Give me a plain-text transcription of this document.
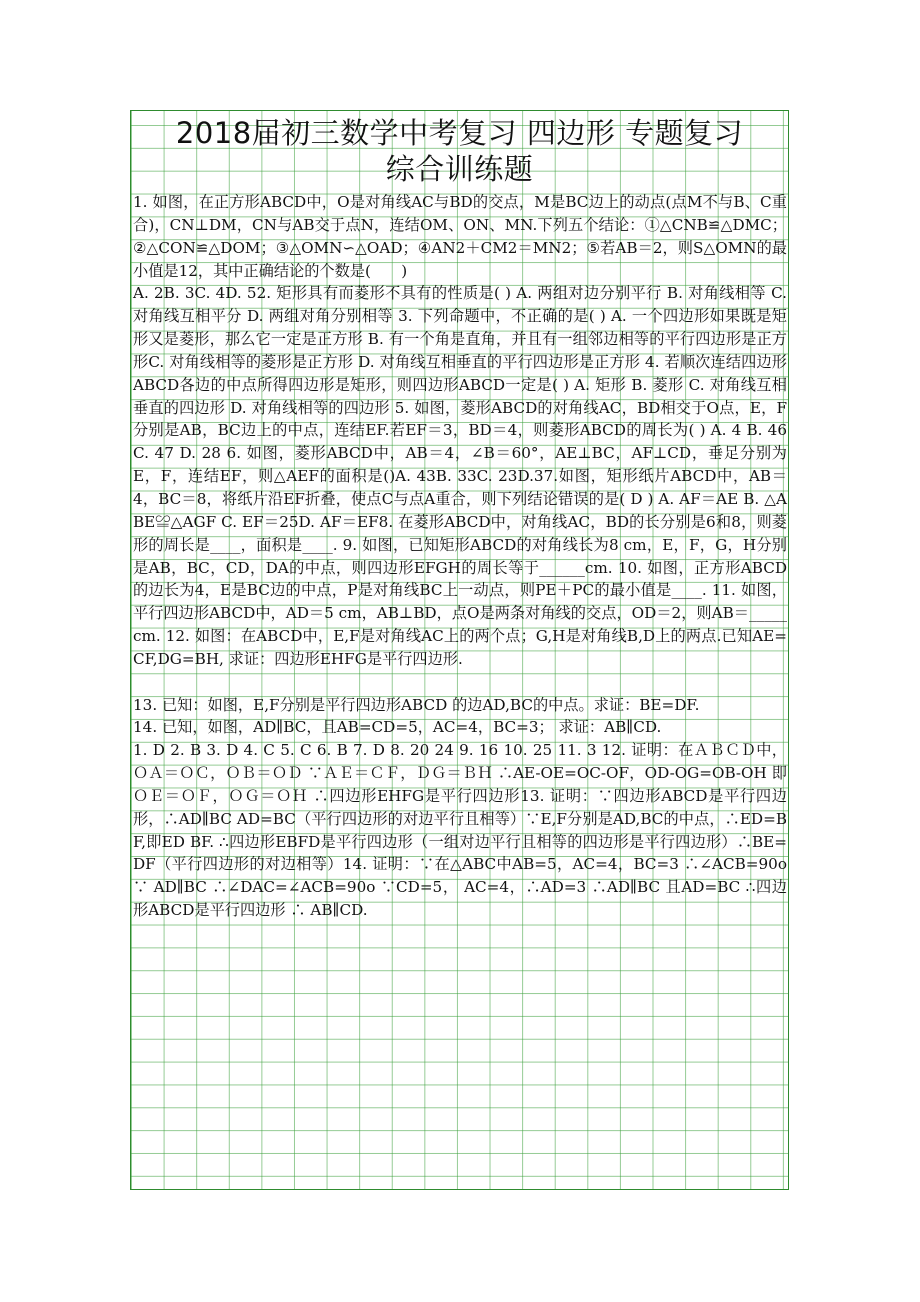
2018届初三数学中考复习 四边形 专题复习
综合训练题

1. 如图，在正方形ABCD中，O是对角线AC与BD的交点，M是BC边上的动点(点M不与B、C重合)，CN⊥DM，CN与AB交于点N，连结OM、ON、MN.下列五个结论：①△CNB≌△DMC；②△CON≌△DOM；③△OMN∽△OAD；④AN2＋CM2＝MN2；⑤若AB＝2，则S△OMN的最小值是12，其中正确结论的个数是(　　)

A. 2B. 3C. 4D. 52. 矩形具有而菱形不具有的性质是( ) A. 两组对边分别平行 B. 对角线相等 C. 对角线互相平分 D. 两组对角分别相等 3. 下列命题中，不正确的是( ) A. 一个四边形如果既是矩形又是菱形，那么它一定是正方形 B. 有一个角是直角，并且有一组邻边相等的平行四边形是正方形C. 对角线相等的菱形是正方形 D. 对角线互相垂直的平行四边形是正方形 4. 若顺次连结四边形ABCD各边的中点所得四边形是矩形，则四边形ABCD一定是( ) A. 矩形 B. 菱形 C. 对角线互相垂直的四边形 D. 对角线相等的四边形 5. 如图，菱形ABCD的对角线AC，BD相交于O点，E，F分别是AB，BC边上的中点，连结EF.若EF＝3，BD＝4，则菱形ABCD的周长为( ) A. 4 B. 46 C. 47 D. 28 6. 如图，菱形ABCD中，AB＝4，∠B＝60°，AE⊥BC，AF⊥CD，垂足分别为E，F，连结EF，则△AEF的面积是()A. 43B. 33C. 23D.37.如图，矩形纸片ABCD中，AB＝4，BC＝8，将纸片沿EF折叠，使点C与点A重合，则下列结论错误的是( D ) A. AF＝AE B. △ABE≌△AGF C. EF＝25D. AF＝EF8. 在菱形ABCD中，对角线AC，BD的长分别是6和8，则菱形的周长是____，面积是____. 9. 如图，已知矩形ABCD的对角线长为8 cm，E，F，G，H分别是AB，BC，CD，DA的中点，则四边形EFGH的周长等于______cm. 10. 如图，正方形ABCD的边长为4，E是BC边的中点，P是对角线BC上一动点，则PE＋PC的最小值是____. 11. 如图，平行四边形ABCD中，AD＝5 cm，AB⊥BD，点O是两条对角线的交点，OD＝2，则AB＝_____cm. 12. 如图：在ABCD中，E,F是对角线AC上的两个点；G,H是对角线B,D上的两点.已知AE=CF,DG=BH, 求证：四边形EHFG是平行四边形.

13. 已知：如图，E,F分别是平行四边形ABCD 的边AD,BC的中点。求证：BE=DF.

14. 已知，如图，AD∥BC，且AB=CD=5，AC=4，BC=3； 求证：AB∥CD.

1. D 2. B 3. D 4. C 5. C 6. B 7. D 8. 20 24 9. 16 10. 25 11. 3 12. 证明：在ＡＢＣＤ中，ＯＡ＝ＯＣ，ＯＢ＝ＯＤ ∵ＡＥ＝ＣＦ，ＤＧ＝ＢＨ ∴AE-OE=OC-OF，OD-OG=OB-OH 即ＯＥ＝ＯＦ，ＯＧ＝ＯＨ ∴四边形EHFG是平行四边形13. 证明：∵四边形ABCD是平行四边形，∴AD∥BC AD=BC（平行四边形的对边平行且相等）∵E,F分别是AD,BC的中点，∴ED=BF,即ED BF. ∴四边形EBFD是平行四边形（一组对边平行且相等的四边形是平行四边形）∴BE=DF（平行四边形的对边相等）14. 证明：∵在△ABC中AB=5，AC=4，BC=3 ∴∠ACB=90o ∵ AD∥BC ∴∠DAC=∠ACB=90o ∵CD=5， AC=4，∴AD=3 ∴AD∥BC 且AD=BC ∴四边形ABCD是平行四边形 ∴ AB∥CD.
